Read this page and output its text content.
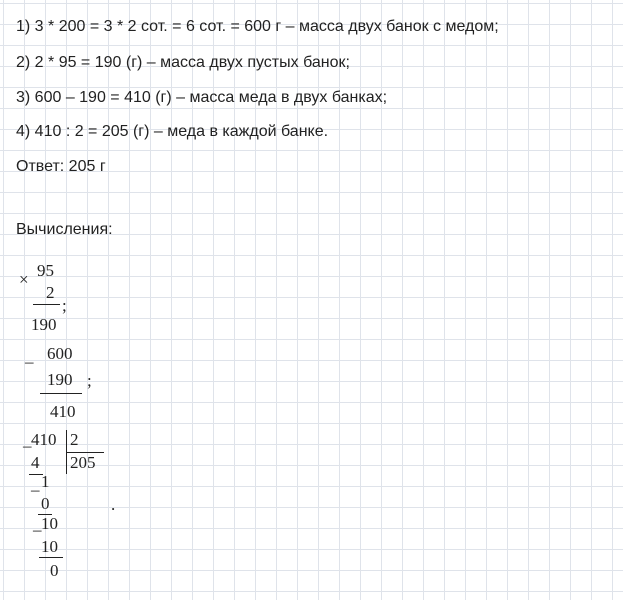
1) 3 * 200 = 3 * 2 сот. = 6 сот. = 600 г – масса двух банок с медом;
2) 2 * 95 = 190 (г) – масса двух пустых банок;
3) 600 – 190 = 410 (г) – масса меда в двух банках;
4) 410 : 2 = 205 (г) – меда в каждой банке.
Ответ: 205 г
Вычисления:
× 95
2
;
190
– 600
190 ;
410
– 410 2
205
4
– 1
0
– 10
10
0
.
